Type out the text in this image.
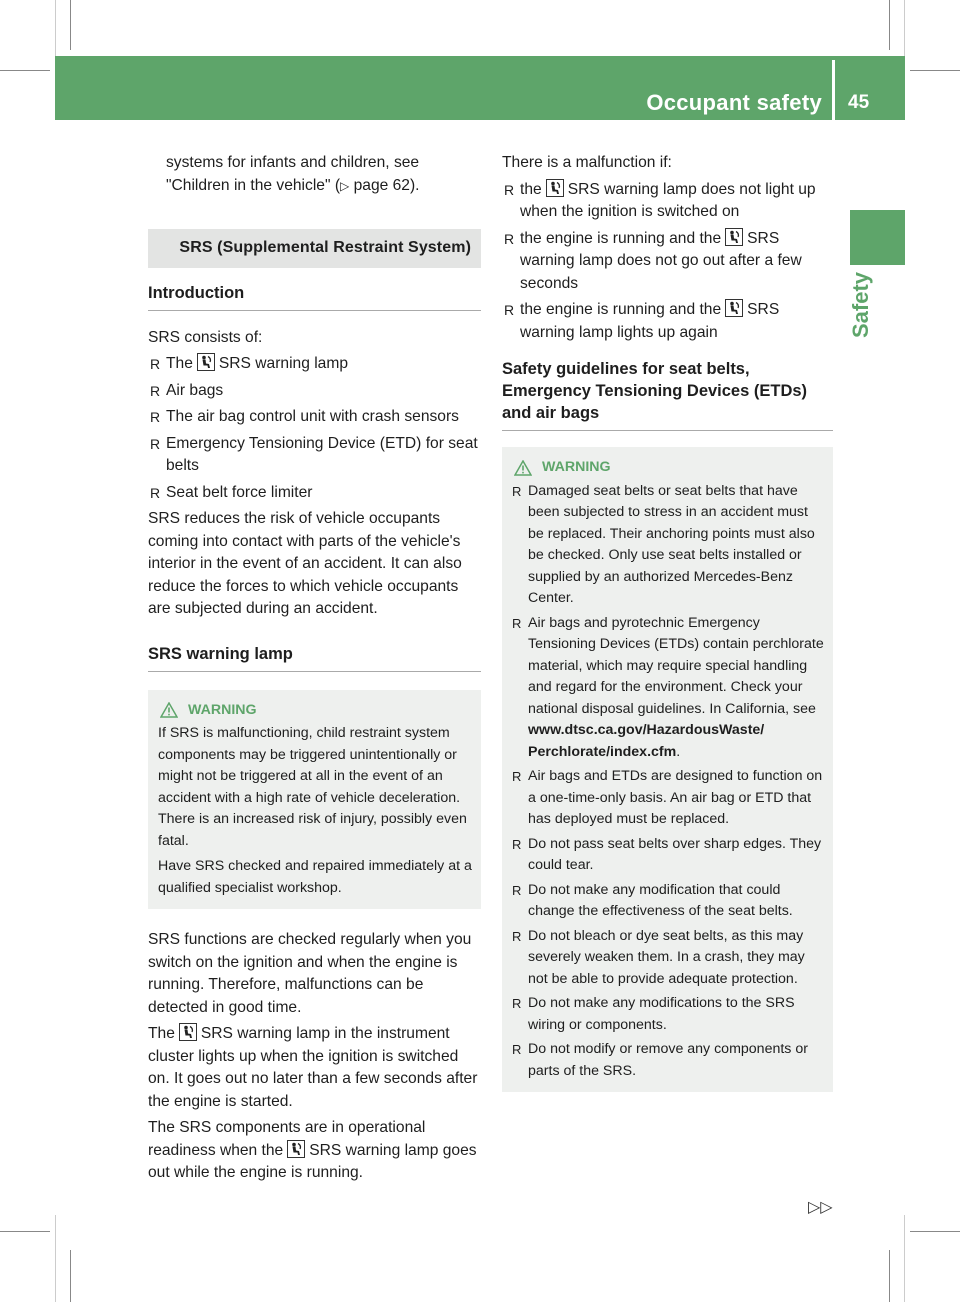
Occupant safety 45
Safety

systems for infants and children, see
"Children in the vehicle" (▷ page 62).

SRS (Supplemental Restraint System)
Introduction

SRS consists of:

R The SRS warning lamp
R Air bags
R The air bag control unit with crash sensors
R Emergency Tensioning Device (ETD) for seat belts
R Seat belt force limiter

SRS reduces the risk of vehicle occupants coming into contact with parts of the vehicle's interior in the event of an accident. It can also reduce the forces to which vehicle occupants are subjected during an accident.

SRS warning lamp
WARNING

If SRS is malfunctioning, child restraint system components may be triggered unintentionally or might not be triggered at all in the event of an accident with a high rate of vehicle deceleration. There is an increased risk of injury, possibly even fatal.

Have SRS checked and repaired immediately at a qualified specialist workshop.

SRS functions are checked regularly when you switch on the ignition and when the engine is running. Therefore, malfunctions can be detected in good time.

The SRS warning lamp in the instrument cluster lights up when the ignition is switched on. It goes out no later than a few seconds after the engine is started.

The SRS components are in operational readiness when the SRS warning lamp goes out while the engine is running.

There is a malfunction if:

R the SRS warning lamp does not light up when the ignition is switched on
R the engine is running and the SRS warning lamp does not go out after a few seconds
R the engine is running and the SRS warning lamp lights up again
Safety guidelines for seat belts, Emergency Tensioning Devices (ETDs) and air bags
WARNING
R Damaged seat belts or seat belts that have been subjected to stress in an accident must be replaced. Their anchoring points must also be checked. Only use seat belts installed or supplied by an authorized Mercedes-Benz Center.
R Air bags and pyrotechnic Emergency Tensioning Devices (ETDs) contain perchlorate material, which may require special handling and regard for the environment. Check your national disposal guidelines. In California, see www.dtsc.ca.gov/HazardousWaste/ Perchlorate/index.cfm.
R Air bags and ETDs are designed to function on a one-time-only basis. An air bag or ETD that has deployed must be replaced.
R Do not pass seat belts over sharp edges. They could tear.
R Do not make any modification that could change the effectiveness of the seat belts.
R Do not bleach or dye seat belts, as this may severely weaken them. In a crash, they may not be able to provide adequate protection.
R Do not make any modifications to the SRS wiring or components.
R Do not modify or remove any components or parts of the SRS.
▷▷
